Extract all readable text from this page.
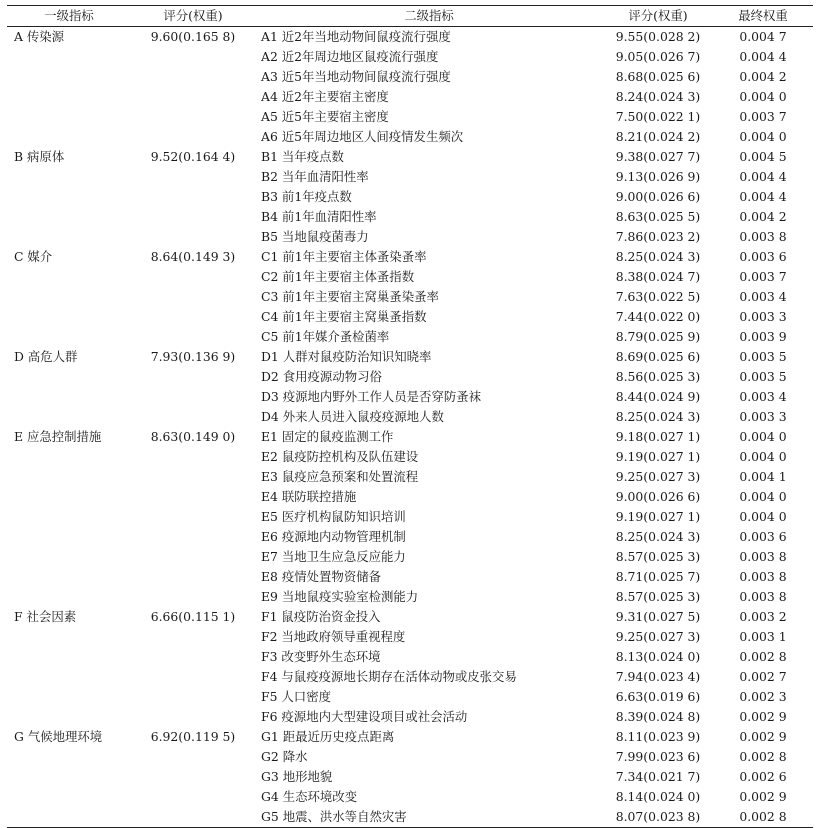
一级指标	评分(权重)	二级指标	评分(权重)	最终权重
A 传染源	9.60(0.165 8)	A1 近2年当地动物间鼠疫流行强度	9.55(0.028 2)	0.004 7
		A2 近2年周边地区鼠疫流行强度	9.05(0.026 7)	0.004 4
		A3 近5年当地动物间鼠疫流行强度	8.68(0.025 6)	0.004 2
		A4 近2年主要宿主密度	8.24(0.024 3)	0.004 0
		A5 近5年主要宿主密度	7.50(0.022 1)	0.003 7
		A6 近5年周边地区人间疫情发生频次	8.21(0.024 2)	0.004 0
B 病原体	9.52(0.164 4)	B1 当年疫点数	9.38(0.027 7)	0.004 5
		B2 当年血清阳性率	9.13(0.026 9)	0.004 4
		B3 前1年疫点数	9.00(0.026 6)	0.004 4
		B4 前1年血清阳性率	8.63(0.025 5)	0.004 2
		B5 当地鼠疫菌毒力	7.86(0.023 2)	0.003 8
C 媒介	8.64(0.149 3)	C1 前1年主要宿主体蚤染蚤率	8.25(0.024 3)	0.003 6
		C2 前1年主要宿主体蚤指数	8.38(0.024 7)	0.003 7
		C3 前1年主要宿主窝巢蚤染蚤率	7.63(0.022 5)	0.003 4
		C4 前1年主要宿主窝巢蚤指数	7.44(0.022 0)	0.003 3
		C5 前1年媒介蚤检菌率	8.79(0.025 9)	0.003 9
D 高危人群	7.93(0.136 9)	D1 人群对鼠疫防治知识知晓率	8.69(0.025 6)	0.003 5
		D2 食用疫源动物习俗	8.56(0.025 3)	0.003 5
		D3 疫源地内野外工作人员是否穿防蚤袜	8.44(0.024 9)	0.003 4
		D4 外来人员进入鼠疫疫源地人数	8.25(0.024 3)	0.003 3
E 应急控制措施	8.63(0.149 0)	E1 固定的鼠疫监测工作	9.18(0.027 1)	0.004 0
		E2 鼠疫防控机构及队伍建设	9.19(0.027 1)	0.004 0
		E3 鼠疫应急预案和处置流程	9.25(0.027 3)	0.004 1
		E4 联防联控措施	9.00(0.026 6)	0.004 0
		E5 医疗机构鼠防知识培训	9.19(0.027 1)	0.004 0
		E6 疫源地内动物管理机制	8.25(0.024 3)	0.003 6
		E7 当地卫生应急反应能力	8.57(0.025 3)	0.003 8
		E8 疫情处置物资储备	8.71(0.025 7)	0.003 8
		E9 当地鼠疫实验室检测能力	8.57(0.025 3)	0.003 8
F 社会因素	6.66(0.115 1)	F1 鼠疫防治资金投入	9.31(0.027 5)	0.003 2
		F2 当地政府领导重视程度	9.25(0.027 3)	0.003 1
		F3 改变野外生态环境	8.13(0.024 0)	0.002 8
		F4 与鼠疫疫源地长期存在活体动物或皮张交易	7.94(0.023 4)	0.002 7
		F5 人口密度	6.63(0.019 6)	0.002 3
		F6 疫源地内大型建设项目或社会活动	8.39(0.024 8)	0.002 9
G 气候地理环境	6.92(0.119 5)	G1 距最近历史疫点距离	8.11(0.023 9)	0.002 9
		G2 降水	7.99(0.023 6)	0.002 8
		G3 地形地貌	7.34(0.021 7)	0.002 6
		G4 生态环境改变	8.14(0.024 0)	0.002 9
		G5 地震、洪水等自然灾害	8.07(0.023 8)	0.002 8
